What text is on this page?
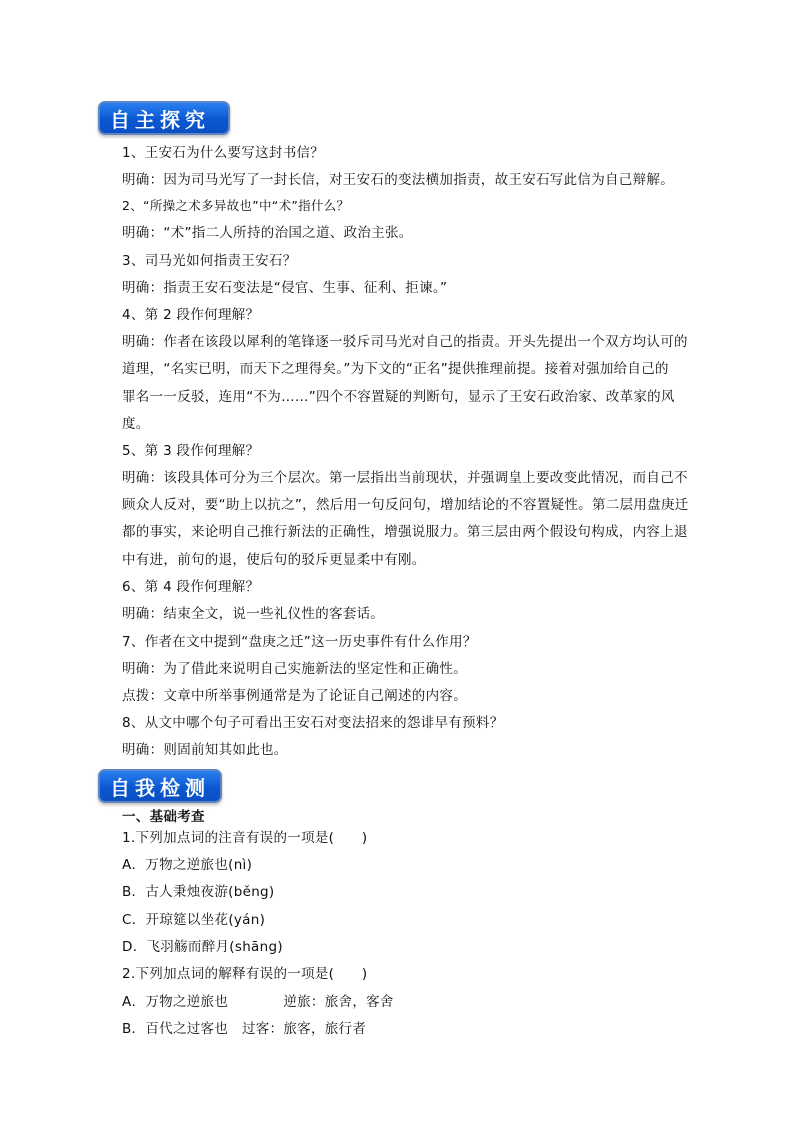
自主探究
1、王安石为什么要写这封书信？
明确：因为司马光写了一封长信，对王安石的变法横加指责，故王安石写此信为自己辩解。
2、“所操之术多异故也”中“术”指什么？
明确：“术”指二人所持的治国之道、政治主张。
3、司马光如何指责王安石？
明确：指责王安石变法是“侵官、生事、征利、拒谏。”
4、第 2 段作何理解？
明确：作者在该段以犀利的笔锋逐一驳斥司马光对自己的指责。开头先提出一个双方均认可的
道理，“名实已明，而天下之理得矣。”为下文的“正名”提供推理前提。接着对强加给自己的
罪名一一反驳，连用“不为……”四个不容置疑的判断句，显示了王安石政治家、改革家的风
度。
5、第 3 段作何理解？
明确：该段具体可分为三个层次。第一层指出当前现状，并强调皇上要改变此情况，而自己不
顾众人反对，要“助上以抗之”，然后用一句反问句，增加结论的不容置疑性。第二层用盘庚迁
都的事实，来论明自己推行新法的正确性，增强说服力。第三层由两个假设句构成，内容上退
中有进，前句的退，使后句的驳斥更显柔中有刚。
6、第 4 段作何理解？
明确：结束全文，说一些礼仪性的客套话。
7、作者在文中提到“盘庚之迁”这一历史事件有什么作用？
明确：为了借此来说明自己实施新法的坚定性和正确性。
点拨：文章中所举事例通常是为了论证自己阐述的内容。
8、从文中哪个句子可看出王安石对变法招来的怨诽早有预料？
明确：则固前知其如此也。
自我检测
一、基础考查
1.下列加点词的注音有误的一项是(　　)
A．万物之逆旅也(nì)
B．古人秉烛夜游(běng)
C．开琼筵以坐花(yán)
D．飞羽觞而醉月(shāng)
2.下列加点词的解释有误的一项是(　　)
A．万物之逆旅也　　　　逆旅：旅舍，客舍
B．百代之过客也　过客：旅客，旅行者
